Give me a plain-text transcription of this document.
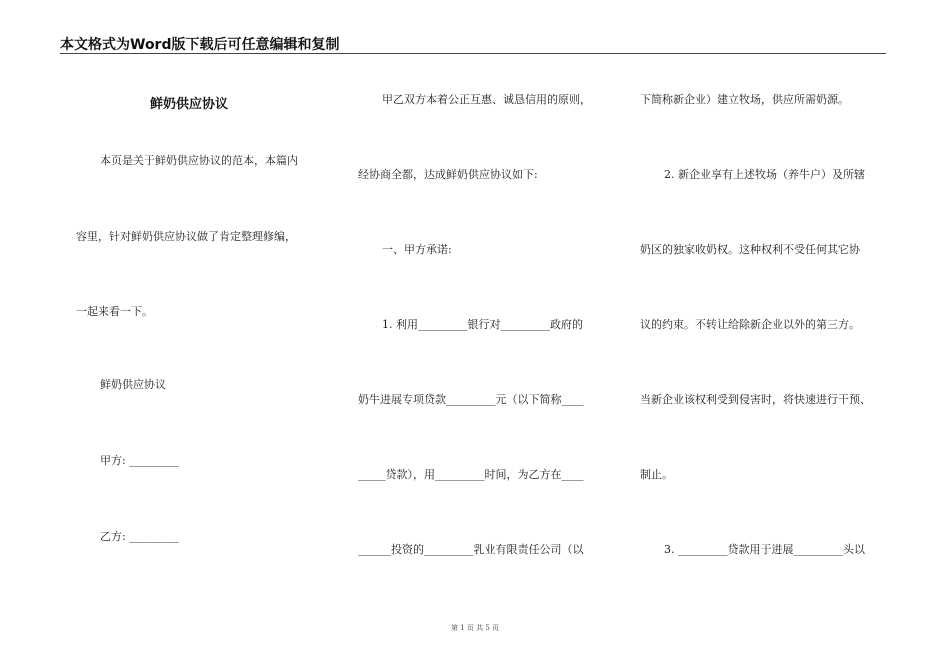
本文格式为Word版下载后可任意编辑和复制
鲜奶供应协议
本页是关于鲜奶供应协议的范本，本篇内
容里，针对鲜奶供应协议做了肯定整理修编，
一起来看一下。
鲜奶供应协议
甲方: _________
乙方: _________
甲乙双方本着公正互惠、诚恳信用的原则，
经协商全都，达成鲜奶供应协议如下:
一、甲方承诺:
1. 利用_________银行对_________政府的
奶牛进展专项贷款_________元（以下简称____
_____贷款），用_________时间，为乙方在____
______投资的_________乳业有限责任公司（以
下简称新企业）建立牧场，供应所需奶源。
2. 新企业享有上述牧场（养牛户）及所辖
奶区的独家收奶权。这种权利不受任何其它协
议的约束。不转让给除新企业以外的第三方。
当新企业该权利受到侵害时，将快速进行干预、
制止。
3. _________贷款用于进展_________头以
第 1 页 共 5 页
